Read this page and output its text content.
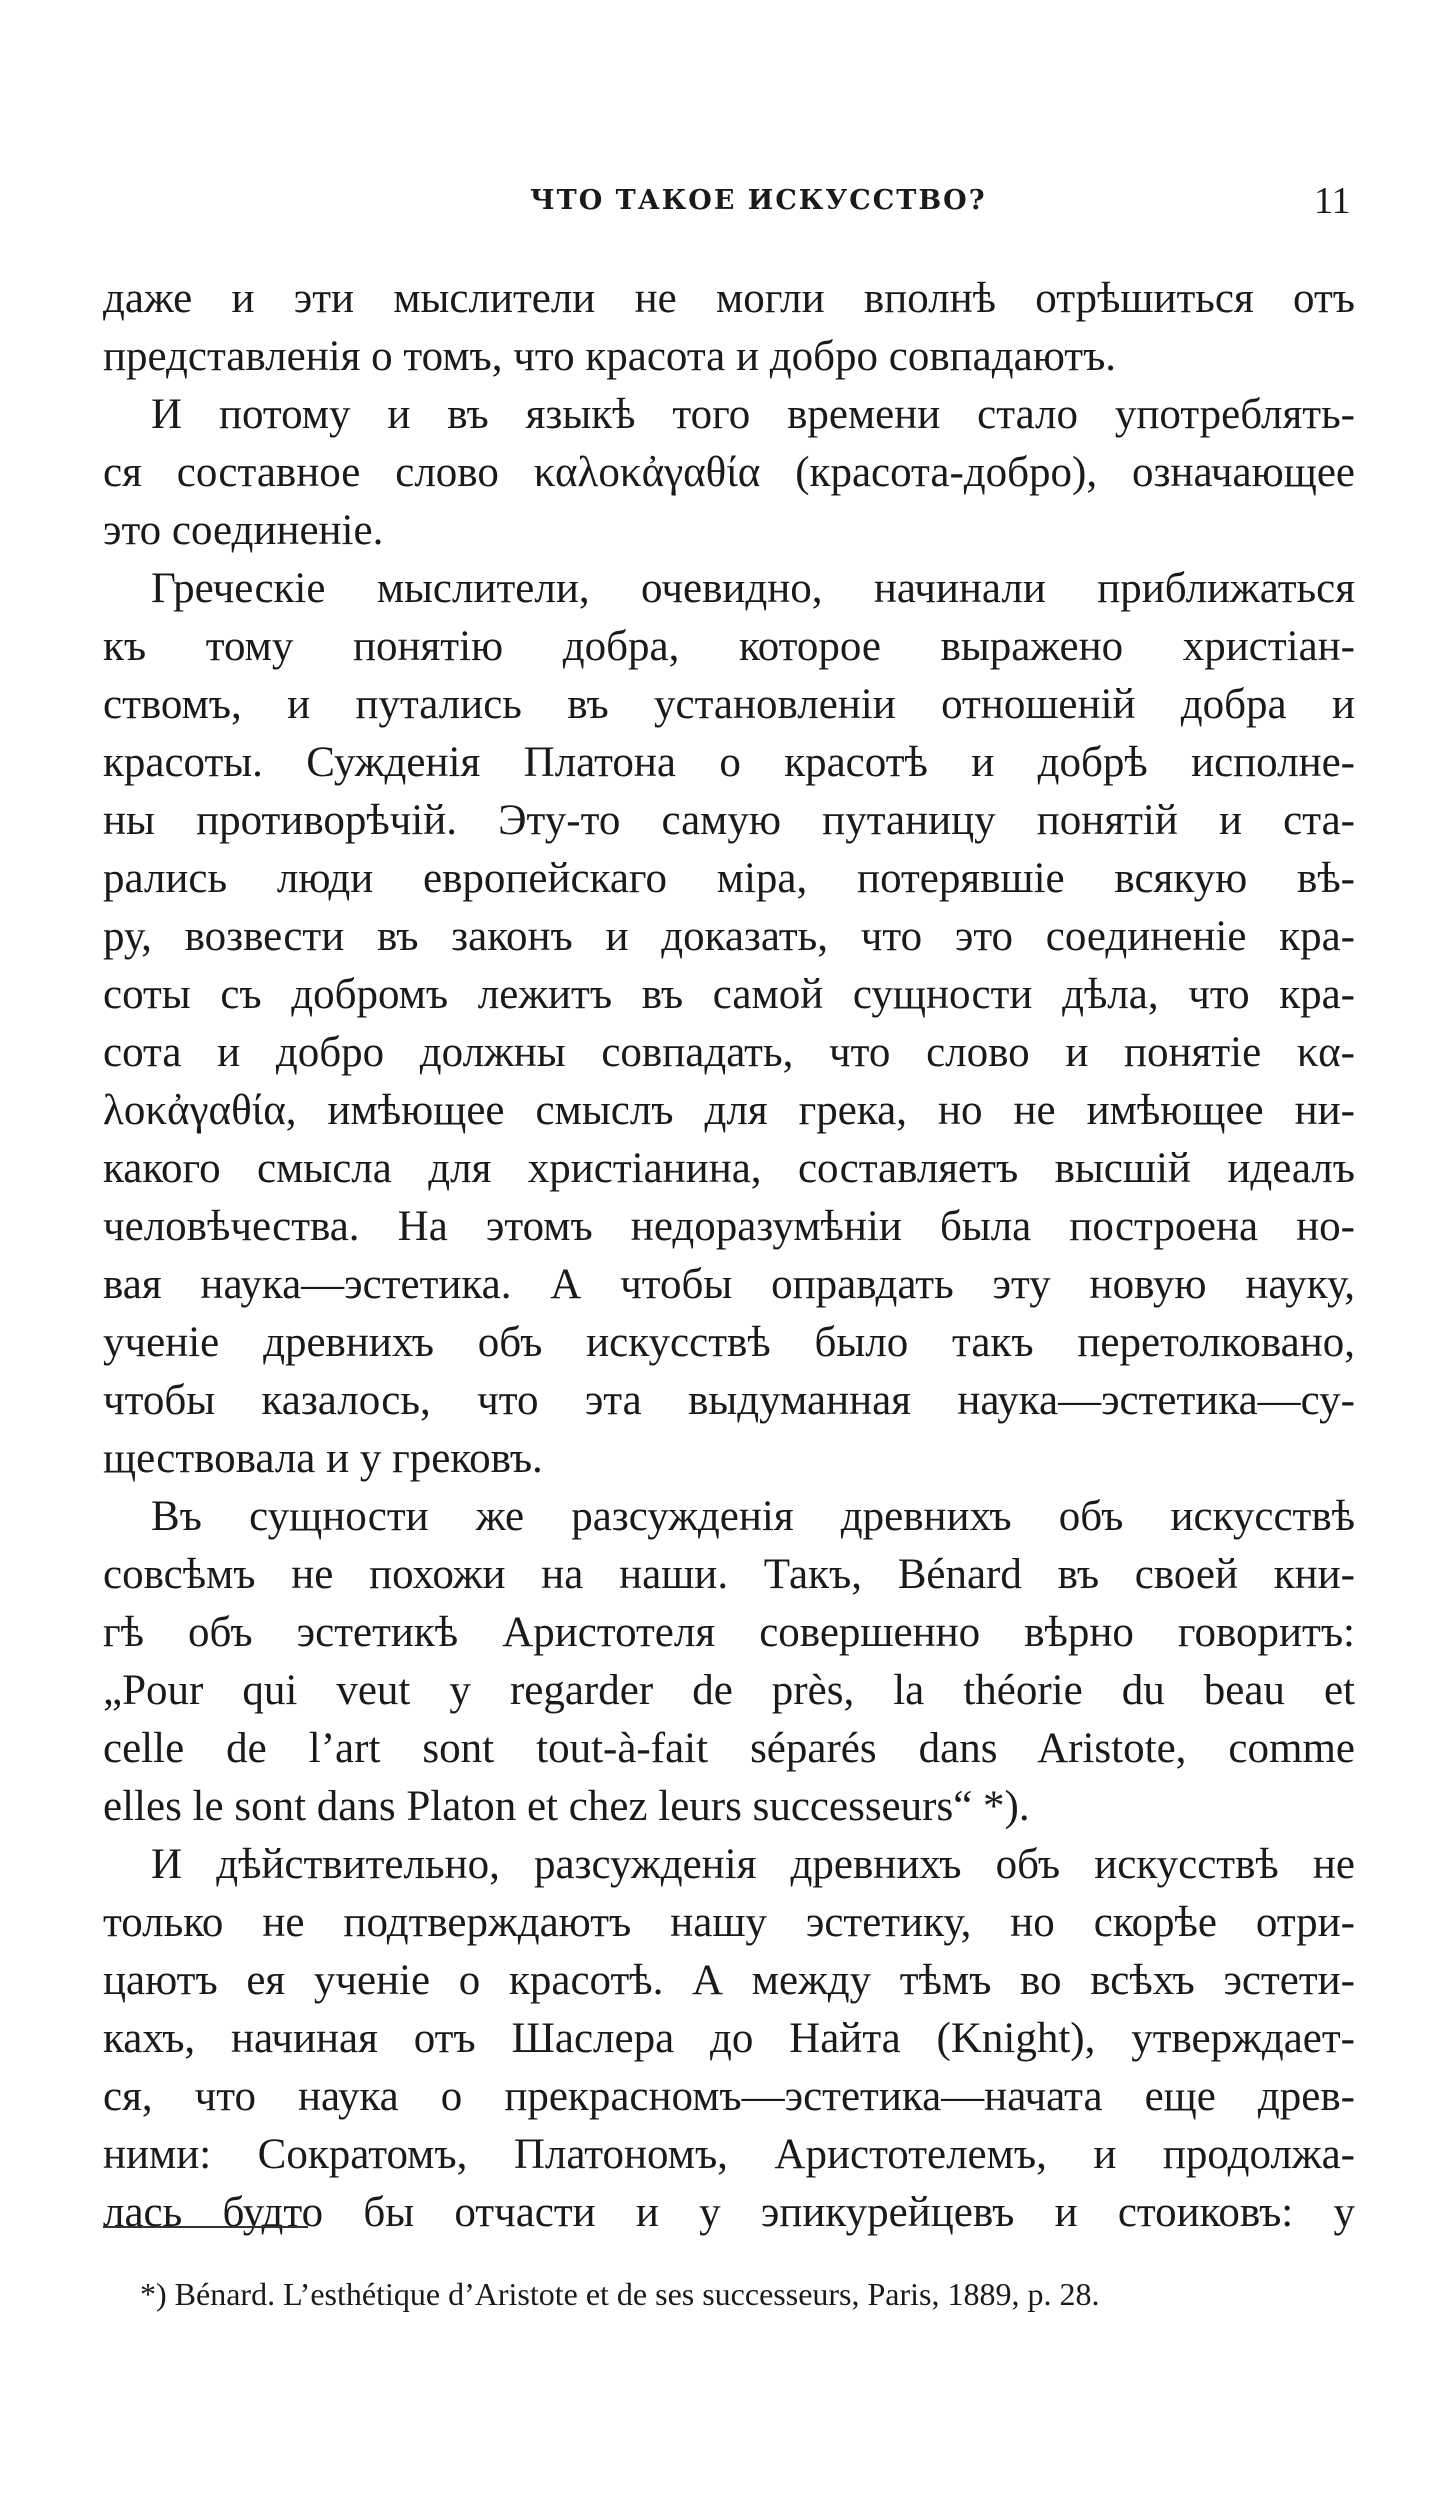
ЧТО ТАКОЕ ИСКУССТВО?	11
даже и эти мыслители не могли вполнѣ отрѣшиться отъ
представленія о томъ, что красота и добро совпадаютъ.
И потому и въ языкѣ того времени стало употреблять-
ся составное слово καλοκἀγαθία (красота-добро), означающее
это соединеніе.
Греческіе мыслители, очевидно, начинали приближаться
къ тому понятію добра, которое выражено христіан-
ствомъ, и путались въ установленіи отношеній добра и
красоты. Сужденія Платона о красотѣ и добрѣ исполне-
ны противорѣчій. Эту-то самую путаницу понятій и ста-
рались люди европейскаго міра, потерявшіе всякую вѣ-
ру, возвести въ законъ и доказать, что это соединеніе кра-
соты съ добромъ лежитъ въ самой сущности дѣла, что кра-
сота и добро должны совпадать, что слово и понятіе κα-
λοκἀγαθία, имѣющее смыслъ для грека, но не имѣющее ни-
какого смысла для христіанина, составляетъ высшій идеалъ
человѣчества. На этомъ недоразумѣніи была построена но-
вая наука—эстетика. А чтобы оправдать эту новую науку,
ученіе древнихъ объ искусствѣ было такъ перетолковано,
чтобы казалось, что эта выдуманная наука—эстетика—су-
ществовала и у грековъ.
Въ сущности же разсужденія древнихъ объ искусствѣ
совсѣмъ не похожи на наши. Такъ, Bénard въ своей кни-
гѣ объ эстетикѣ Аристотеля совершенно вѣрно говоритъ:
„Pour qui veut y regarder de près, la théorie du beau et
celle de l’art sont tout-à-fait séparés dans Aristote, comme
elles le sont dans Platon et chez leurs successeurs“ *).
И дѣйствительно, разсужденія древнихъ объ искусствѣ не
только не подтверждаютъ нашу эстетику, но скорѣе отри-
цаютъ ея ученіе о красотѣ. А между тѣмъ во всѣхъ эстети-
кахъ, начиная отъ Шаслера до Найта (Knight), утверждает-
ся, что наука о прекрасномъ—эстетика—начата еще древ-
ними: Сократомъ, Платономъ, Аристотелемъ, и продолжа-
лась будто бы отчасти и у эпикурейцевъ и стоиковъ: у
*) Bénard. L’esthétique d’Aristote et de ses successeurs, Paris, 1889, p. 28.
